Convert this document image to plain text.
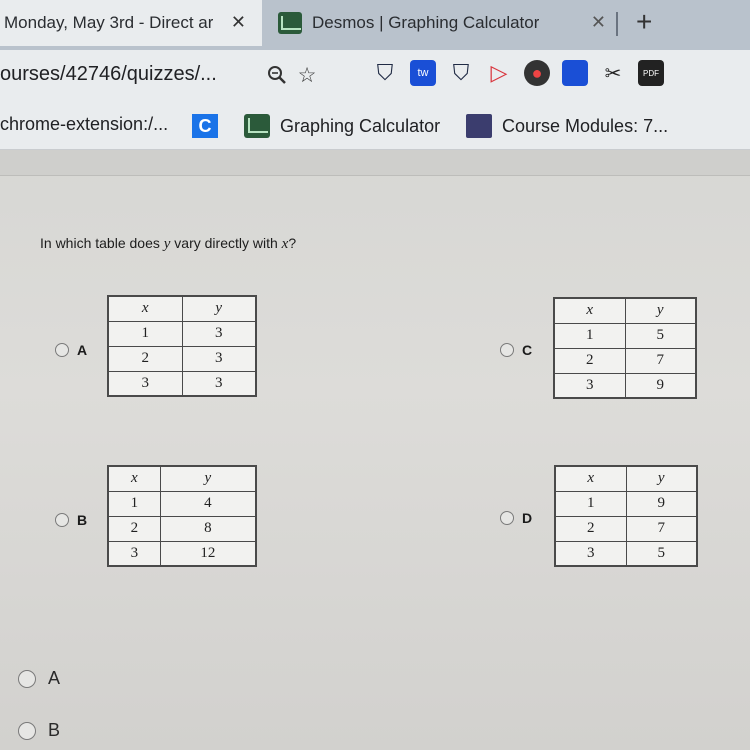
Monday, May 3rd - Direct ar ✕	Desmos | Graphing Calculator	✕ +
ourses/42746/quizzes/...	☆	⛉	tw	⛉ ▷	●	✂	PDF
chrome-extension:/...	C	Graphing Calculator	Course Modules: 7...
In which table does y vary directly with x?
A
x	y
1	3
2	3
3	3
C
x	y
1	5
2	7
3	9
B
x	y
1	4
2	8
3	12
D
x	y
1	9
2	7
3	5
A
B
